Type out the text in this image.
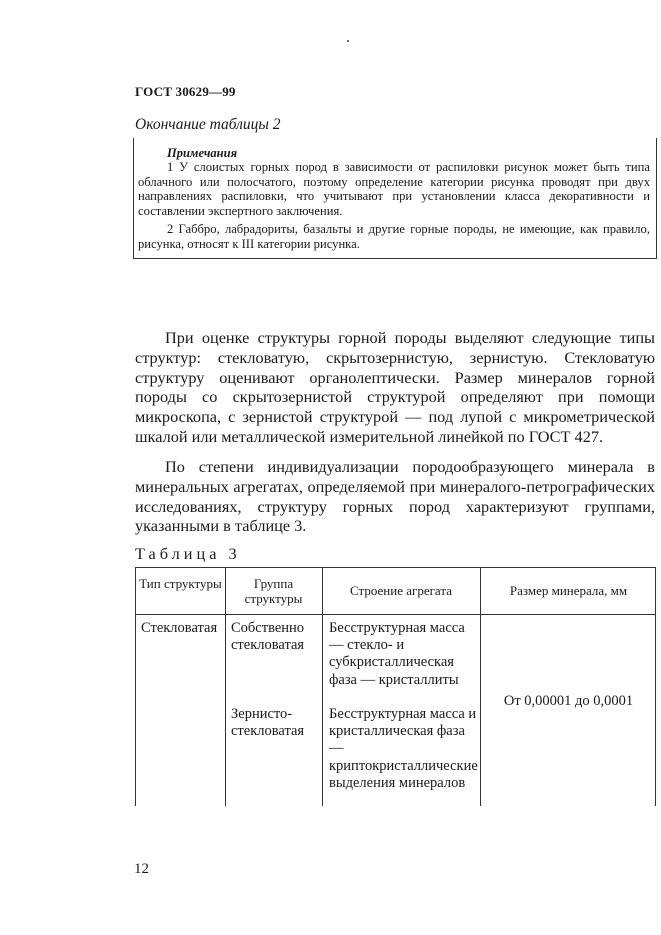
ГОСТ 30629—99
Окончание таблицы 2
Примечания
1 У слоистых горных пород в зависимости от распиловки рисунок может быть типа облачного или полосчатого, поэтому определение категории рисунка проводят при двух направлениях распиловки, что учитывают при установлении класса декоративности и составлении экспертного заключения.
2 Габбро, лабрадориты, базальты и другие горные породы, не имеющие, как правило, рисунка, относят к III категории рисунка.
При оценке структуры горной породы выделяют следующие типы структур: стекловатую, скрытозернистую, зернистую. Стекловатую структуру оценивают органолептически. Размер минералов горной породы со скрытозернистой структурой определяют при помощи микроскопа, с зернистой структурой — под лупой с микрометрической шкалой или металлической измерительной линейкой по ГОСТ 427.
По степени индивидуализации породообразующего минерала в минеральных агрегатах, определяемой при минералого-петрографических исследованиях, структуру горных пород характеризуют группами, указанными в таблице 3.
Таблица 3
Тип структуры	Группа структуры
Строение агрегата	Размер минерала, мм
Стекловатая Собственно стекловатая
Зернисто-стекловатая
Бесструктурная масса — стекло- и субкристаллическая фаза — кристаллиты
Бесструктурная масса и кристаллическая фаза — криптокристаллические выделения минералов
От 0,00001 до 0,0001
12
